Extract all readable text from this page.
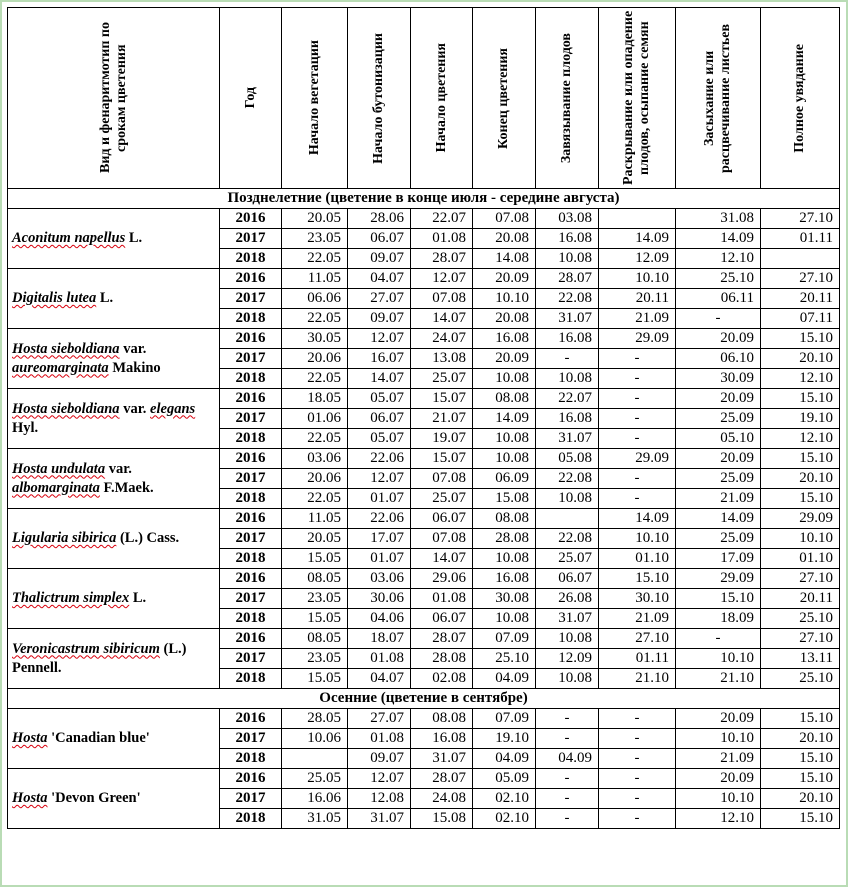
Вид и фенаритмотип по срокам цветения	Год	Начало вегетации	Начало бутонизации	Начало цветения	Конец цветения	Завязывание плодов	Раскрывание или опадение плодов, осыпание семян	Засыхание или расцвечивание листьев	Полное увядание

Позднелетние (цветение в конце июля - середине августа)									
Aconitum napellus L.	2016	20.05	28.06	22.07	07.08	03.08		31.08	27.10
	2017	23.05	06.07	01.08	20.08	16.08	14.09	14.09	01.11
	2018	22.05	09.07	28.07	14.08	10.08	12.09	12.10	
Digitalis lutea L.	2016	11.05	04.07	12.07	20.09	28.07	10.10	25.10	27.10
	2017	06.06	27.07	07.08	10.10	22.08	20.11	06.11	20.11
	2018	22.05	09.07	14.07	20.08	31.07	21.09	-	07.11
Hosta sieboldiana var. aureomarginata Makino	2016	30.05	12.07	24.07	16.08	16.08	29.09	20.09	15.10
	2017	20.06	16.07	13.08	20.09	-	-	06.10	20.10
	2018	22.05	14.07	25.07	10.08	10.08	-	30.09	12.10
Hosta sieboldiana var. elegans Hyl.	2016	18.05	05.07	15.07	08.08	22.07	-	20.09	15.10
	2017	01.06	06.07	21.07	14.09	16.08	-	25.09	19.10
	2018	22.05	05.07	19.07	10.08	31.07	-	05.10	12.10
Hosta undulata var. albomarginata F.Maek.	2016	03.06	22.06	15.07	10.08	05.08	29.09	20.09	15.10
	2017	20.06	12.07	07.08	06.09	22.08	-	25.09	20.10
	2018	22.05	01.07	25.07	15.08	10.08	-	21.09	15.10
Ligularia sibirica (L.) Cass.	2016	11.05	22.06	06.07	08.08		14.09	14.09	29.09
	2017	20.05	17.07	07.08	28.08	22.08	10.10	25.09	10.10
	2018	15.05	01.07	14.07	10.08	25.07	01.10	17.09	01.10
Thalictrum simplex L.	2016	08.05	03.06	29.06	16.08	06.07	15.10	29.09	27.10
	2017	23.05	30.06	01.08	30.08	26.08	30.10	15.10	20.11
	2018	15.05	04.06	06.07	10.08	31.07	21.09	18.09	25.10
Veronicastrum sibiricum (L.) Pennell.	2016	08.05	18.07	28.07	07.09	10.08	27.10	-	27.10
	2017	23.05	01.08	28.08	25.10	12.09	01.11	10.10	13.11
	2018	15.05	04.07	02.08	04.09	10.08	21.10	21.10	25.10
Осенние (цветение в сентябре)									
Hosta 'Canadian blue'	2016	28.05	27.07	08.08	07.09	-	-	20.09	15.10
	2017	10.06	01.08	16.08	19.10	-	-	10.10	20.10
	2018		09.07	31.07	04.09	04.09	-	21.09	15.10
Hosta 'Devon Green'	2016	25.05	12.07	28.07	05.09	-	-	20.09	15.10
	2017	16.06	12.08	24.08	02.10	-	-	10.10	20.10
	2018	31.05	31.07	15.08	02.10	-	-	12.10	15.10
